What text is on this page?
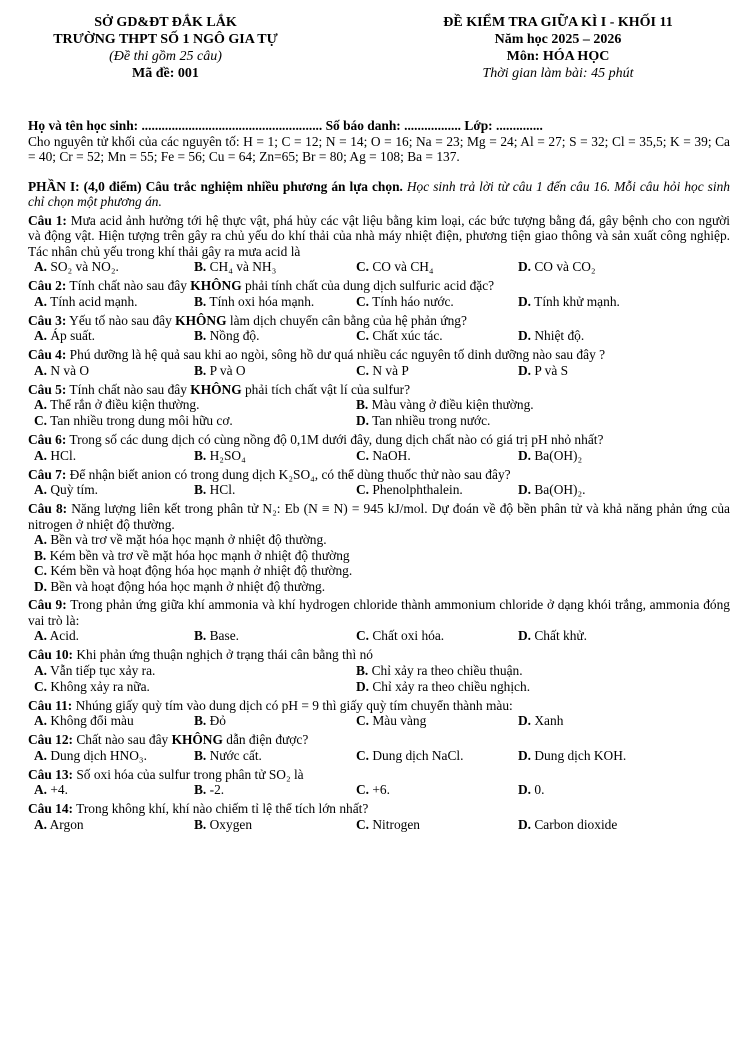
SỞ GD&ĐT ĐẮK LẮK
TRƯỜNG THPT SỐ 1 NGÔ GIA TỰ
(Đề thi gồm 25 câu)
Mã đề: 001
ĐỀ KIỂM TRA GIỮA KÌ I - KHỐI 11
Năm học 2025 – 2026
Môn: HÓA HỌC
Thời gian làm bài: 45 phút
Họ và tên học sinh: ...................................................... Số báo danh: ................. Lớp: ..............
Cho nguyên tử khối của các nguyên tố: H = 1; C = 12; N = 14; O = 16; Na = 23; Mg = 24; Al = 27; S = 32; Cl = 35,5; K = 39; Ca = 40; Cr = 52; Mn = 55; Fe = 56; Cu = 64; Zn=65; Br = 80; Ag = 108; Ba = 137.
PHẦN I: (4,0 điểm) Câu trắc nghiệm nhiều phương án lựa chọn. Học sinh trả lời từ câu 1 đến câu 16. Mỗi câu hỏi học sinh chỉ chọn một phương án.
Câu 1: Mưa acid ảnh hưởng tới hệ thực vật, phá hủy các vật liệu bằng kim loại, các bức tượng bằng đá, gây bệnh cho con người và động vật. Hiện tượng trên gây ra chủ yếu do khí thải của nhà máy nhiệt điện, phương tiện giao thông và sản xuất công nghiệp. Tác nhân chủ yếu trong khí thải gây ra mưa acid là
A. SO₂ và NO₂.	B. CH₄ và NH₃	C. CO và CH₄	D. CO và CO₂
Câu 2: Tính chất nào sau đây KHÔNG phải tính chất của dung dịch sulfuric acid đặc?
A. Tính acid mạnh.	B. Tính oxi hóa mạnh.	C. Tính háo nước.	D. Tính khử mạnh.
Câu 3: Yếu tố nào sau đây KHÔNG làm dịch chuyển cân bằng của hệ phản ứng?
A. Áp suất.	B. Nồng độ.	C. Chất xúc tác.	D. Nhiệt độ.
Câu 4: Phú dưỡng là hệ quả sau khi ao ngòi, sông hồ dư quá nhiều các nguyên tố dinh dưỡng nào sau đây ?
A. N và O	B. P và O	C. N và P	D. P và S
Câu 5: Tính chất nào sau đây KHÔNG phải tích chất vật lí của sulfur?
A. Thể rắn ở điều kiện thường.	B. Màu vàng ở điều kiện thường.
C. Tan nhiều trong dung môi hữu cơ.	D. Tan nhiều trong nước.
Câu 6: Trong số các dung dịch có cùng nồng độ 0,1M dưới đây, dung dịch chất nào có giá trị pH nhỏ nhất?
A. HCl.	B. H₂SO₄	C. NaOH.	D. Ba(OH)₂
Câu 7: Để nhận biết anion có trong dung dịch K₂SO₄, có thể dùng thuốc thử nào sau đây?
A. Quỳ tím.	B. HCl.	C. Phenolphthalein.	D. Ba(OH)₂.
Câu 8: Năng lượng liên kết trong phân tử N₂: Eb (N ≡ N) = 945 kJ/mol. Dự đoán về độ bền phân tử và khả năng phản ứng của nitrogen ở nhiệt độ thường.
A. Bền và trơ về mặt hóa học mạnh ở nhiệt độ thường.
B. Kém bền và trơ về mặt hóa học mạnh ở nhiệt độ thường
C. Kém bền và hoạt động hóa học mạnh ở nhiệt độ thường.
D. Bền và hoạt động hóa học mạnh ở nhiệt độ thường.
Câu 9: Trong phản ứng giữa khí ammonia và khí hydrogen chloride thành ammonium chloride ở dạng khói trắng, ammonia đóng vai trò là:
A. Acid.	B. Base.	C. Chất oxi hóa.	D. Chất khử.
Câu 10: Khi phản ứng thuận nghịch ở trạng thái cân bằng thì nó
A. Vẫn tiếp tục xảy ra.	B. Chỉ xảy ra theo chiều thuận.
C. Không xảy ra nữa.	D. Chỉ xảy ra theo chiều nghịch.
Câu 11: Nhúng giấy quỳ tím vào dung dịch có pH = 9 thì giấy quỳ tím chuyển thành màu:
A. Không đổi màu	B. Đỏ	C. Màu vàng	D. Xanh
Câu 12: Chất nào sau đây KHÔNG dẫn điện được?
A. Dung dịch HNO₃.	B. Nước cất.	C. Dung dịch NaCl.	D. Dung dịch KOH.
Câu 13: Số oxi hóa của sulfur trong phân tử SO₂ là
A. +4.	B. -2.	C. +6.	D. 0.
Câu 14: Trong không khí, khí nào chiếm tỉ lệ thể tích lớn nhất?
A. Argon	B. Oxygen	C. Nitrogen	D. Carbon dioxide
